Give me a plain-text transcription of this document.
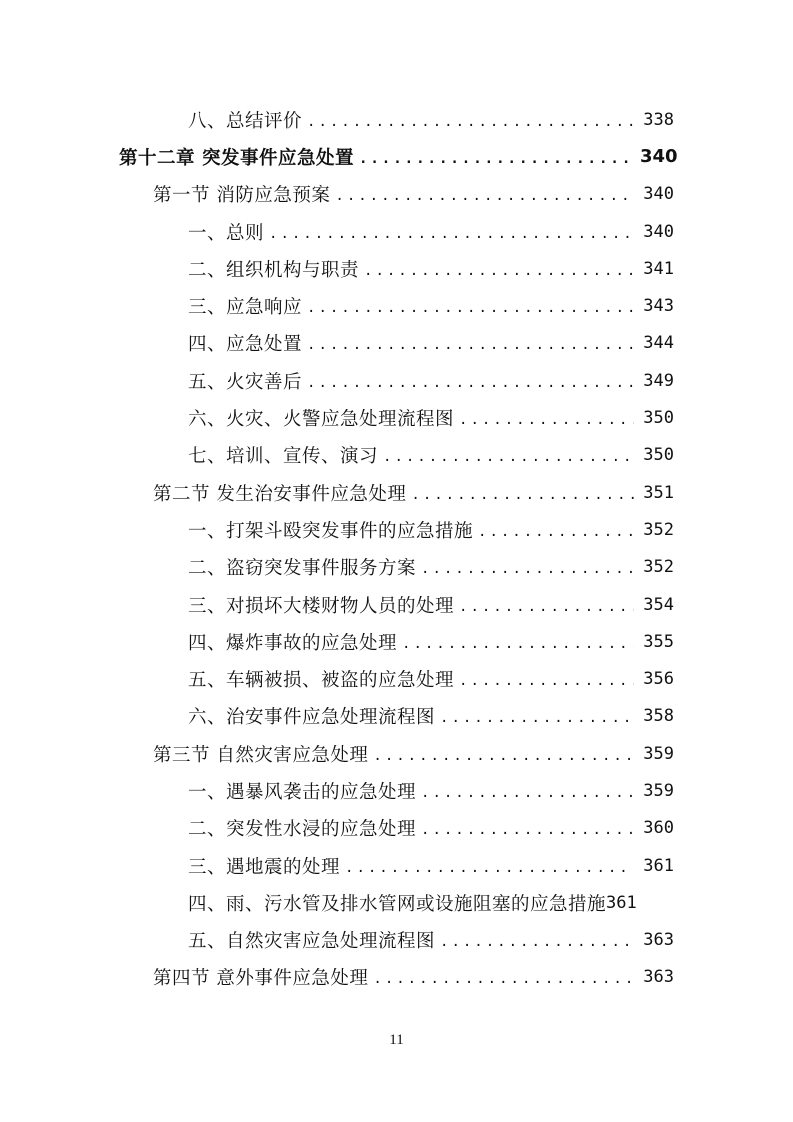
八、总结评价 .....	338
第十二章 突发事件应急处置 .....	340
第一节 消防应急预案 .....	340
一、总则 .....	340
二、组织机构与职责 .....	341
三、应急响应 .....	343
四、应急处置 .....	344
五、火灾善后 .....	349
六、火灾、火警应急处理流程图 .....	350
七、培训、宣传、演习 .....	350
第二节 发生治安事件应急处理 .....	351
一、打架斗殴突发事件的应急措施 .....	352
二、盗窃突发事件服务方案 .....	352
三、对损坏大楼财物人员的处理 .....	354
四、爆炸事故的应急处理 .....	355
五、车辆被损、被盗的应急处理 .....	356
六、治安事件应急处理流程图 .....	358
第三节 自然灾害应急处理 .....	359
一、遇暴风袭击的应急处理 .....	359
二、突发性水浸的应急处理 .....	360
三、遇地震的处理 .....	361
四、雨、污水管及排水管网或设施阻塞的应急措施 361
五、自然灾害应急处理流程图 .....	363
第四节 意外事件应急处理 .....	363
11
